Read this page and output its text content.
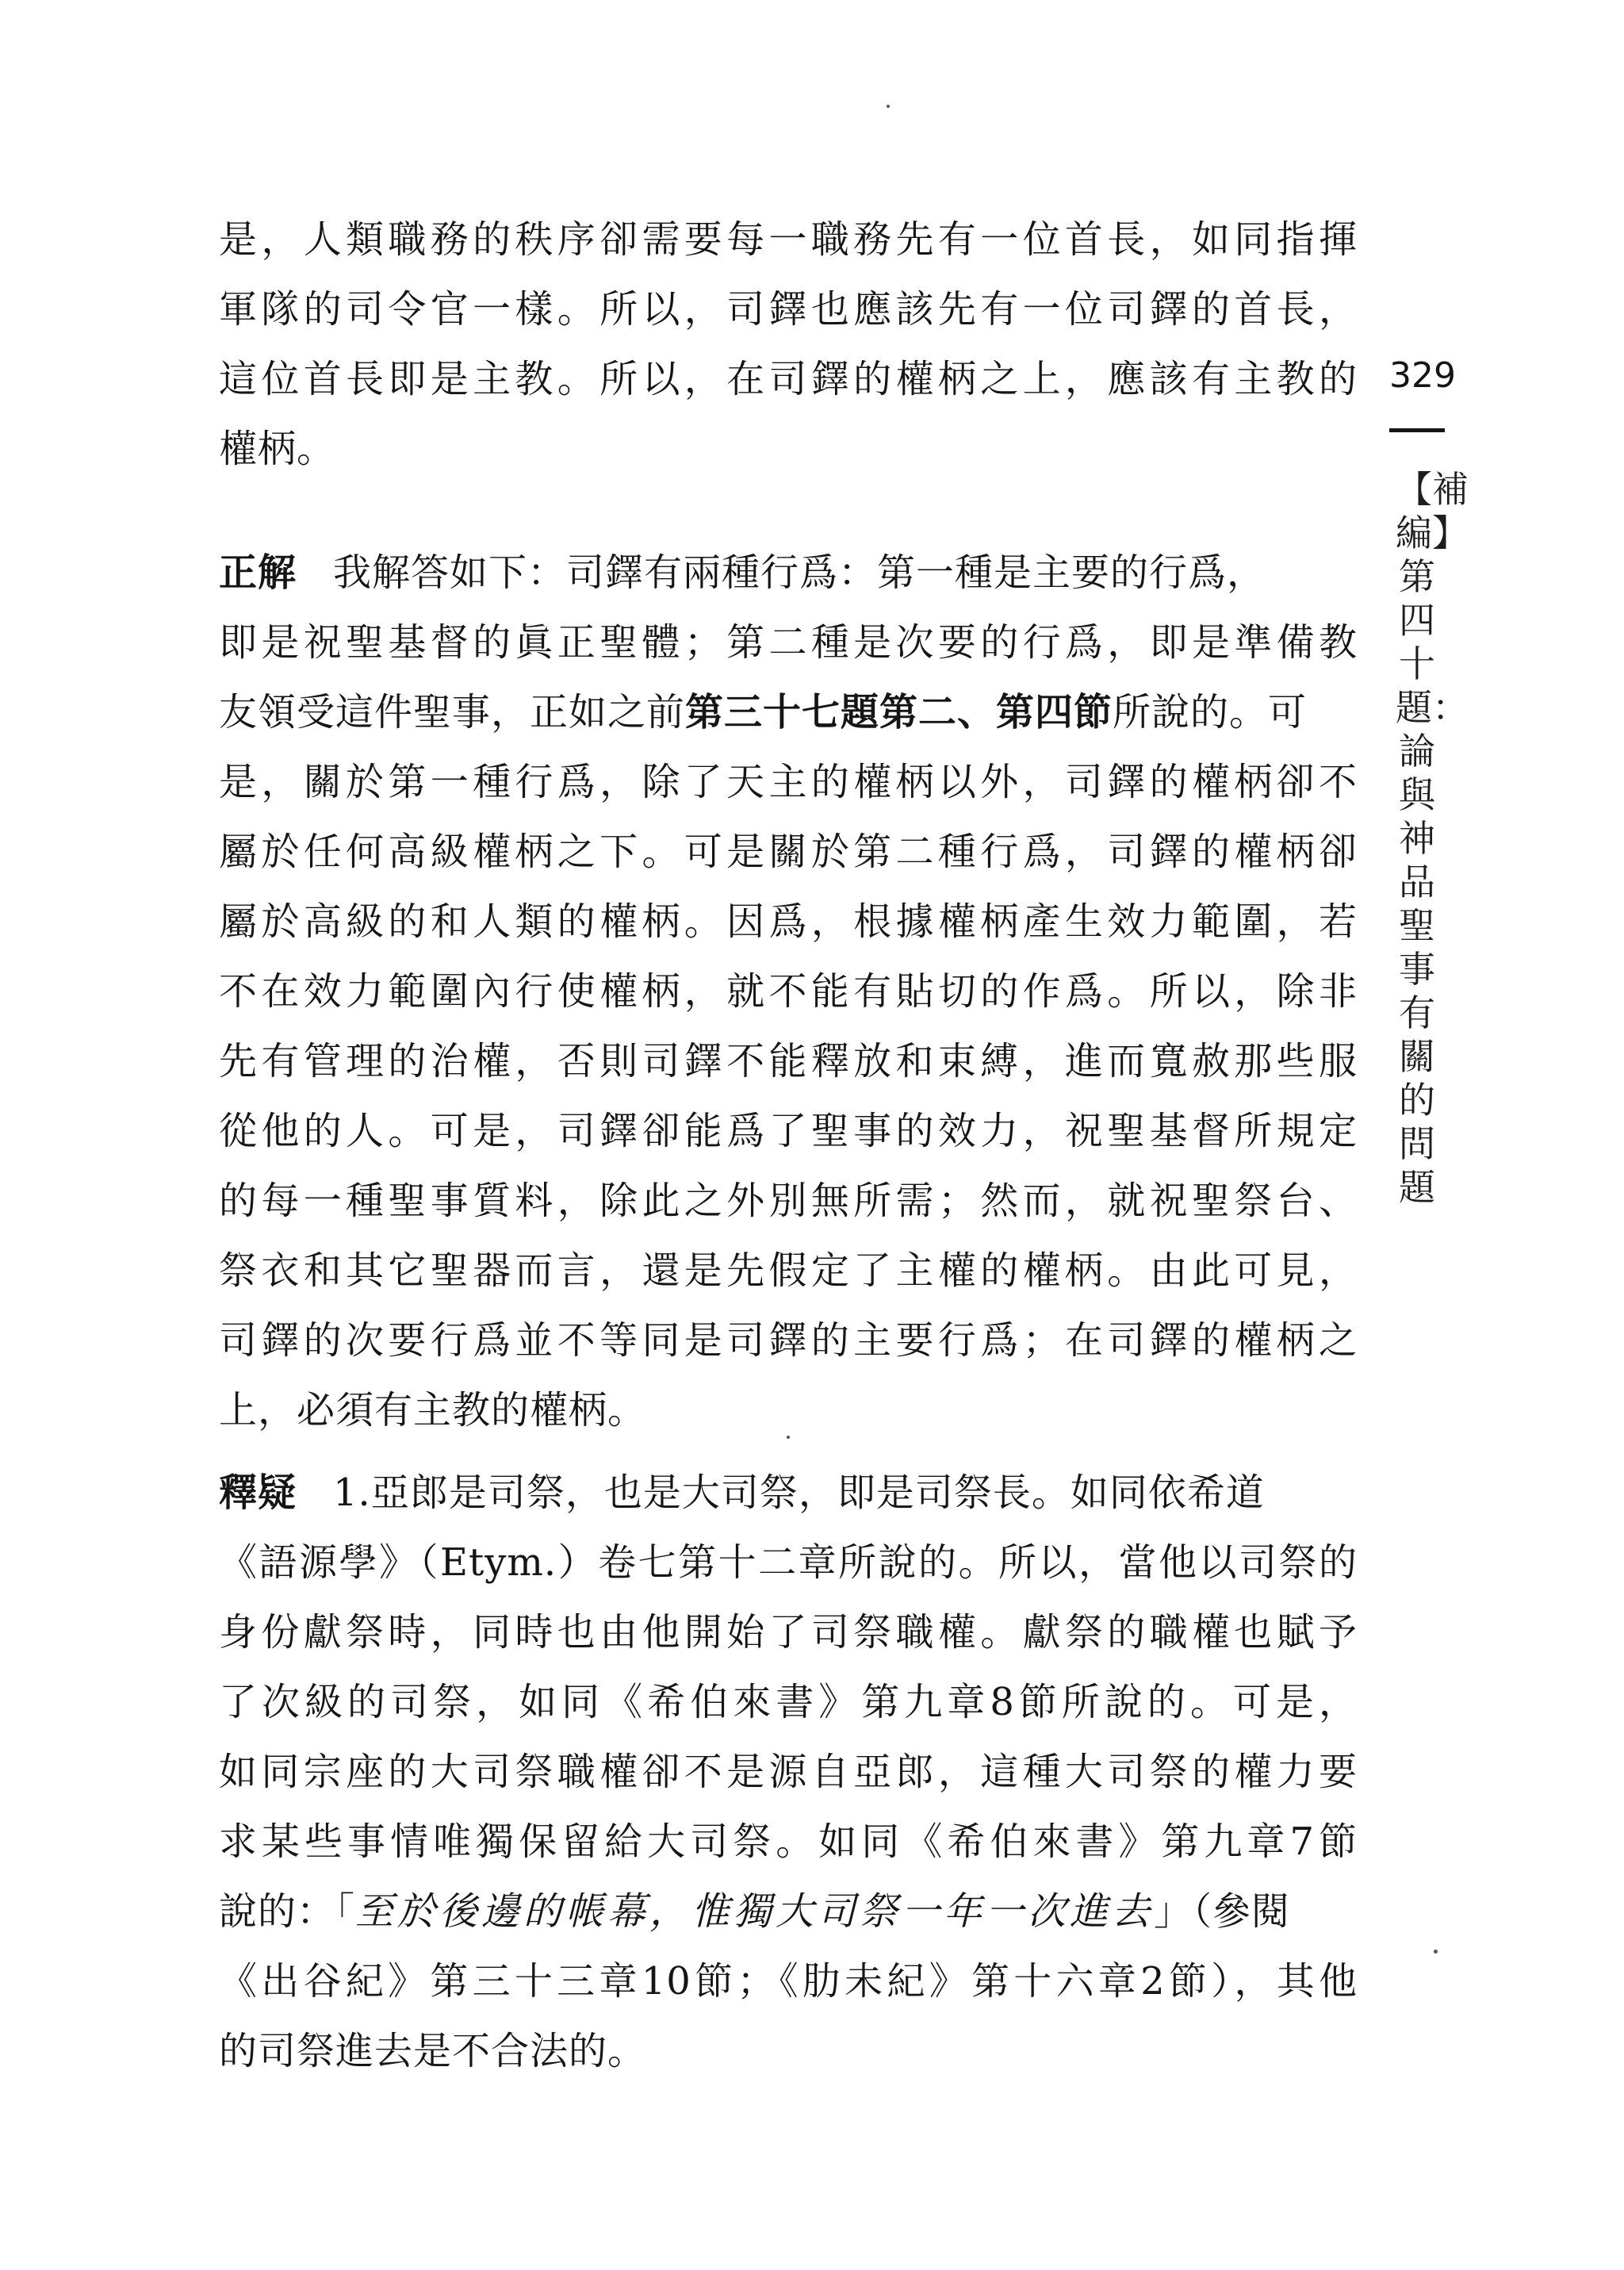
是，人類職務的秩序卻需要每一職務先有一位首長，如同指揮
軍隊的司令官一樣。所以，司鐸也應該先有一位司鐸的首長，
這位首長即是主教。所以，在司鐸的權柄之上，應該有主教的
權柄。
正解 我解答如下：司鐸有兩種行爲：第一種是主要的行爲，
即是祝聖基督的眞正聖體；第二種是次要的行爲，即是準備教
友領受這件聖事，正如之前第三十七題第二、第四節所說的。可
是，關於第一種行爲，除了天主的權柄以外，司鐸的權柄卻不
屬於任何高級權柄之下。可是關於第二種行爲，司鐸的權柄卻
屬於高級的和人類的權柄。因爲，根據權柄產生效力範圍，若
不在效力範圍內行使權柄，就不能有貼切的作爲。所以，除非
先有管理的治權，否則司鐸不能釋放和束縛，進而寬赦那些服
從他的人。可是，司鐸卻能爲了聖事的效力，祝聖基督所規定
的每一種聖事質料，除此之外別無所需；然而，就祝聖祭台、
祭衣和其它聖器而言，還是先假定了主權的權柄。由此可見，
司鐸的次要行爲並不等同是司鐸的主要行爲；在司鐸的權柄之
上，必須有主教的權柄。
釋疑 1.亞郎是司祭，也是大司祭，即是司祭長。如同依希道
《語源學》（Etym.）卷七第十二章所說的。所以，當他以司祭的
身份獻祭時，同時也由他開始了司祭職權。獻祭的職權也賦予
了次級的司祭，如同《希伯來書》第九章8節所說的。可是，
如同宗座的大司祭職權卻不是源自亞郎，這種大司祭的權力要
求某些事情唯獨保留給大司祭。如同《希伯來書》第九章7節
說的：「至於後邊的帳幕，惟獨大司祭一年一次進去」（參閱
《出谷紀》第三十三章10節；《肋未紀》第十六章2節），其他
的司祭進去是不合法的。
329
【補編】第四十題：論與神品聖事有關的問題
